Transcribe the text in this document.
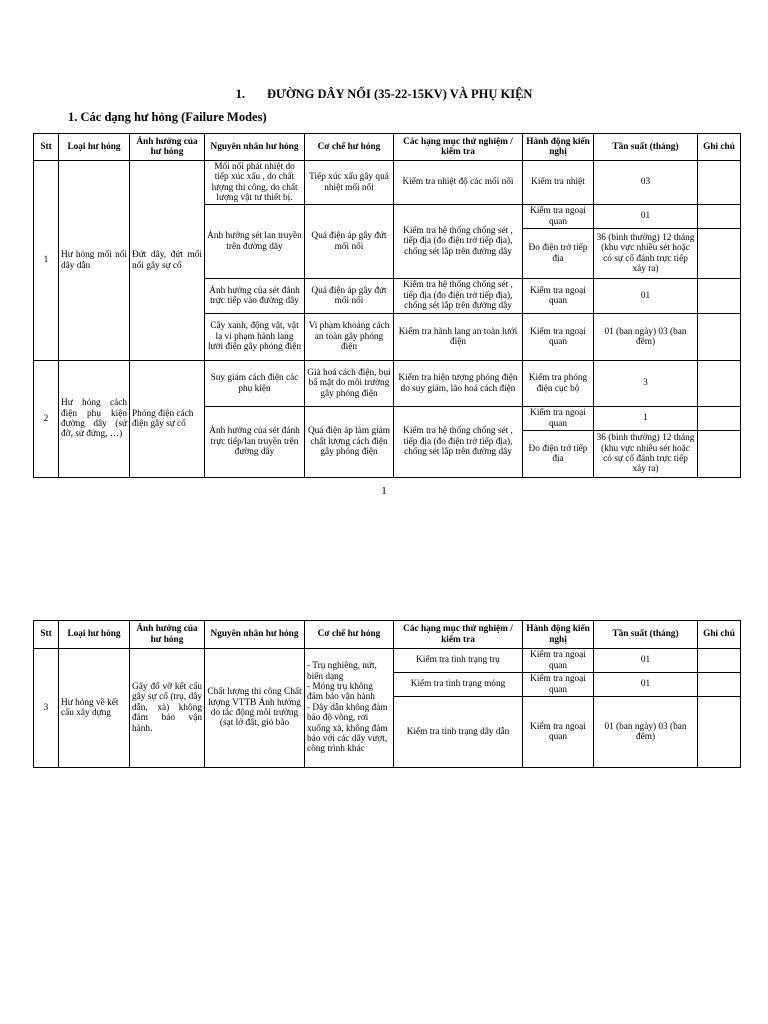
1. ĐƯỜNG DÂY NỔI (35-22-15KV) VÀ PHỤ KIỆN
1. Các dạng hư hỏng (Failure Modes)
Stt	Loại hư hỏng	Ảnh hưởng của hư hỏng	Nguyên nhân hư hỏng	Cơ chế hư hỏng	Các hạng mục thử nghiệm / kiểm tra	Hành động kiến nghị	Tần suất (tháng)	Ghi chú
1	Hư hỏng mối nối dây dẫn	Đứt dây, đứt mối nối gây sự cố	Mối nối phát nhiệt do tiếp xúc xấu , do chất lượng thi công, do chất lượng vật tư thiết bị.	Tiếp xúc xấu gây quá nhiệt mối nối	Kiểm tra nhiệt độ các mối nối	Kiểm tra nhiệt	03	
			Ảnh hưởng sét lan truyền trên đường dây	Quá điện áp gây đứt mối nối	Kiểm tra hệ thống chống sét , tiếp địa (đo điện trở tiếp địa), chống sét lắp trên đường dây	Kiểm tra ngoại quan	01	
						Đo điện trở tiếp địa	36 (bình thường) 12 tháng (khu vực nhiều sét hoặc có sự cố đánh trực tiếp xảy ra)	
			Ảnh hưởng của sét đánh trực tiếp vào đường dây	Quá điện áp gây đứt mối nối	Kiểm tra hệ thống chống sét , tiếp địa (đo điện trở tiếp địa), chống sét lắp trên đường dây	Kiểm tra ngoại quan	01	
			Cây xanh, động vật, vật lạ vi phạm hành lang lưới điện gây phóng điện	Vi phạm khoảng cách an toàn gây phóng điện	Kiểm tra hành lang an toàn lưới điện	Kiểm tra ngoại quan	01 (ban ngày) 03 (ban đêm)	

2	Hư hỏng cách điện phụ kiện đường dây (sứ đỡ, sứ đứng, …)	Phóng điện cách điện gây sự cố	Suy giảm cách điện các phụ kiện	Già hoá cách điện, bụi bẩ mặt do môi trường gây phóng điện	Kiểm tra hiện tượng phóng điện do suy giảm, lão hoá cách điện	Kiểm tra phóng điện cục bộ	3	
			Ảnh hưởng của sét đánh trực tiếp/lan truyền trên đường dây	Quá điện áp làm giảm chất lượng cách điện gây phóng điện	Kiểm tra hệ thống chống sét , tiếp địa (đo điện trở tiếp địa), chống sét lắp trên đường dây	Kiểm tra ngoại quan	1	
						Đo điện trở tiếp địa	36 (bình thường) 12 tháng (khu vực nhiều sét hoặc có sự cố đánh trực tiếp xảy ra)	
1
Stt	Loại hư hỏng	Ảnh hưởng của hư hỏng	Nguyên nhân hư hỏng	Cơ chế hư hỏng	Các hạng mục thử nghiệm / kiểm tra	Hành động kiến nghị	Tần suất (tháng)	Ghi chú
3	Hư hỏng về kết cấu xây dựng	Gây đổ vỡ kết cấu gây sự cố (trụ, dây dẫn, xà) không đảm bảo vận hành.	Chất lượng thi công Chất lượng VTTB Ảnh hưởng do tác động môi trường (sạt lở đất, gió bão	- Trụ nghiêng, nứt, biến dạng
- Móng trụ không đảm bảo vận hành
- Dây dẫn không đảm bảo độ võng, rơi xuống xà, không đảm bảo với các dây vượt, công trình khác	Kiểm tra tình trạng trụ	Kiểm tra ngoại quan	01	
					Kiểm tra tình trạng móng	Kiểm tra ngoại quan	01	
					Kiểm tra tình trạng dây dẫn	Kiểm tra ngoại quan	01 (ban ngày) 03 (ban đêm)	
